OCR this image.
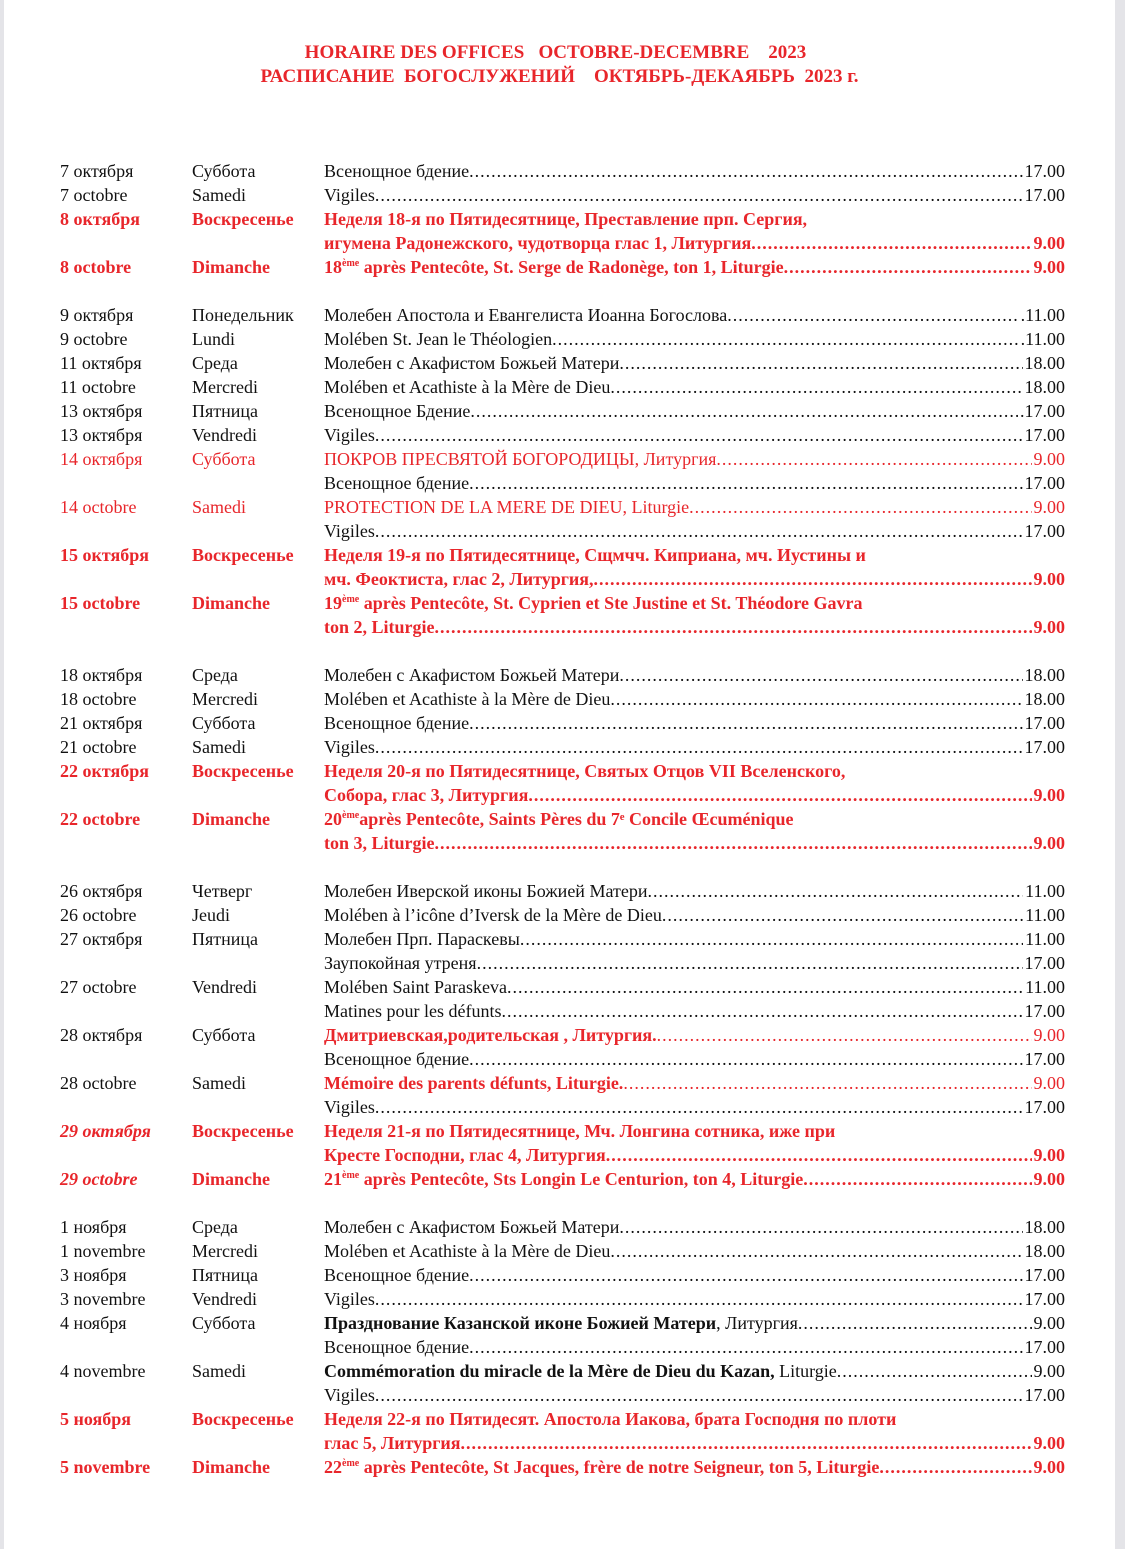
HORAIRE DES OFFICES   OCTOBRE-DECEMBRE    2023
РАСПИСАНИЕ  БОГОСЛУЖЕНИЙ    ОКТЯБРЬ-ДЕКАЯБРЬ  2023 г.
7 октября	Суббота	Всенощное бдение .....	17.00
7 octobre	Samedi	Vigiles .....	17.00
8 октября	Воскресенье Неделя 18-я по Пятидесятнице, Преставление прп. Сергия,
игумена Радонежского, чудотворца глас 1, Литургия .....	9.00
8 octobre	Dimanche	18ème après Pentecôte, St. Serge de Radonège, ton 1, Liturgie .....	9.00
9 октября	Понедельник Молебен Апостола и Евангелиста Иоанна Богослова .....	.11.00
9 octobre	Lundi	Molében St. Jean le Théologien .....	.11.00
11 октября	Среда	Молебен с Акафистом Божьей Матери .....	18.00
11 octobre	Mercredi	Molében et Acathiste à la Mère de Dieu .....	18.00
13 октября	Пятница	Всенощное Бдение .....	.17.00
13 октября	Vendredi	Vigiles .....	17.00
14 октября	Суббота	ПОКРОВ ПРЕСВЯТОЙ БОГОРОДИЦЫ, Литургия .....	9.00
Всенощное бдение .....	17.00
14 octobre	Samedi	PROTECTION DE LA MERE DE DIEU, Liturgie .....	9.00
Vigiles .....	17.00
15 октября Воскресенье Неделя 19-я по Пятидесятнице, Сщмчч. Киприана, мч. Иустины и
мч. Феоктиста, глас 2, Литургия, .....	9.00
15 octobre	Dimanche	19ème après Pentecôte, St. Cyprien et Ste Justine et St. Théodore Gavra
ton 2, Liturgie .....	9.00
18 октября	Среда	Молебен с Акафистом Божьей Матери .....	18.00
18 octobre	Mercredi	Molében et Acathiste à la Mère de Dieu .....	18.00
21 октября	Суббота	Всенощное бдение .....	17.00
21 octobre	Samedi	Vigiles .....	17.00
22 октября Воскресенье Неделя 20-я по Пятидесятнице, Святых Отцов VII Вселенского,
Собора, глас 3, Литургия .....	9.00
22 octobre	Dimanche	20èmeaprès Pentecôte, Saints Pères du 7ᵉ Concile Œcuménique
ton 3, Liturgie .....	9.00
26 октября	Четверг	Молебен Иверской иконы Божией Матери .....	11.00
26 octobre	Jeudi	Molében à l’icône d’Iversk de la Mère de Dieu .....	11.00
27 октября	Пятница	Молебен Прп. Параскевы .....	11.00
Заупокойная утреня .....	17.00
27 octobre	Vendredi	Molében Saint Paraskeva .....	11.00
Matines pour les défunts .....	17.00
28 октября	Суббота	Дмитриевская,родительская , Литургия. .....	9.00
Всенощное бдение .....	17.00
28 octobre	Samedi	Mémoire des parents défunts, Liturgie. .....	9.00
Vigiles .....	17.00
29 октября Воскресенье Неделя 21-я по Пятидесятнице, Мч. Лонгина сотника, иже при
Кресте Господни, глас 4, Литургия .....	9.00
29 octobre	Dimanche	21ème après Pentecôte, Sts Longin Le Centurion, ton 4, Liturgie .....	9.00
1 ноября	Среда	Молебен с Акафистом Божьей Матери .....	18.00
1 novembre	Mercredi	Molében et Acathiste à la Mère de Dieu .....	18.00
3 ноября	Пятница	Всенощное бдение .....	17.00
3 novembre	Vendredi	Vigiles .....	17.00
4 ноября	Суббота	Празднование Казанской иконе Божией Матери, Литургия .....	9.00
Всенощное бдение .....	17.00
4 novembre	Samedi	Commémoration du miracle de la Mère de Dieu du Kazan, Liturgie .....	9.00
Vigiles .....	17.00
5 ноября	Воскресенье Неделя 22-я по Пятидесят. Апостола Иакова, брата Господня по плоти
глас 5, Литургия .....	9.00
5 novembre Dimanche	22ème après Pentecôte, St Jacques, frère de notre Seigneur, ton 5, Liturgie .....	9.00
